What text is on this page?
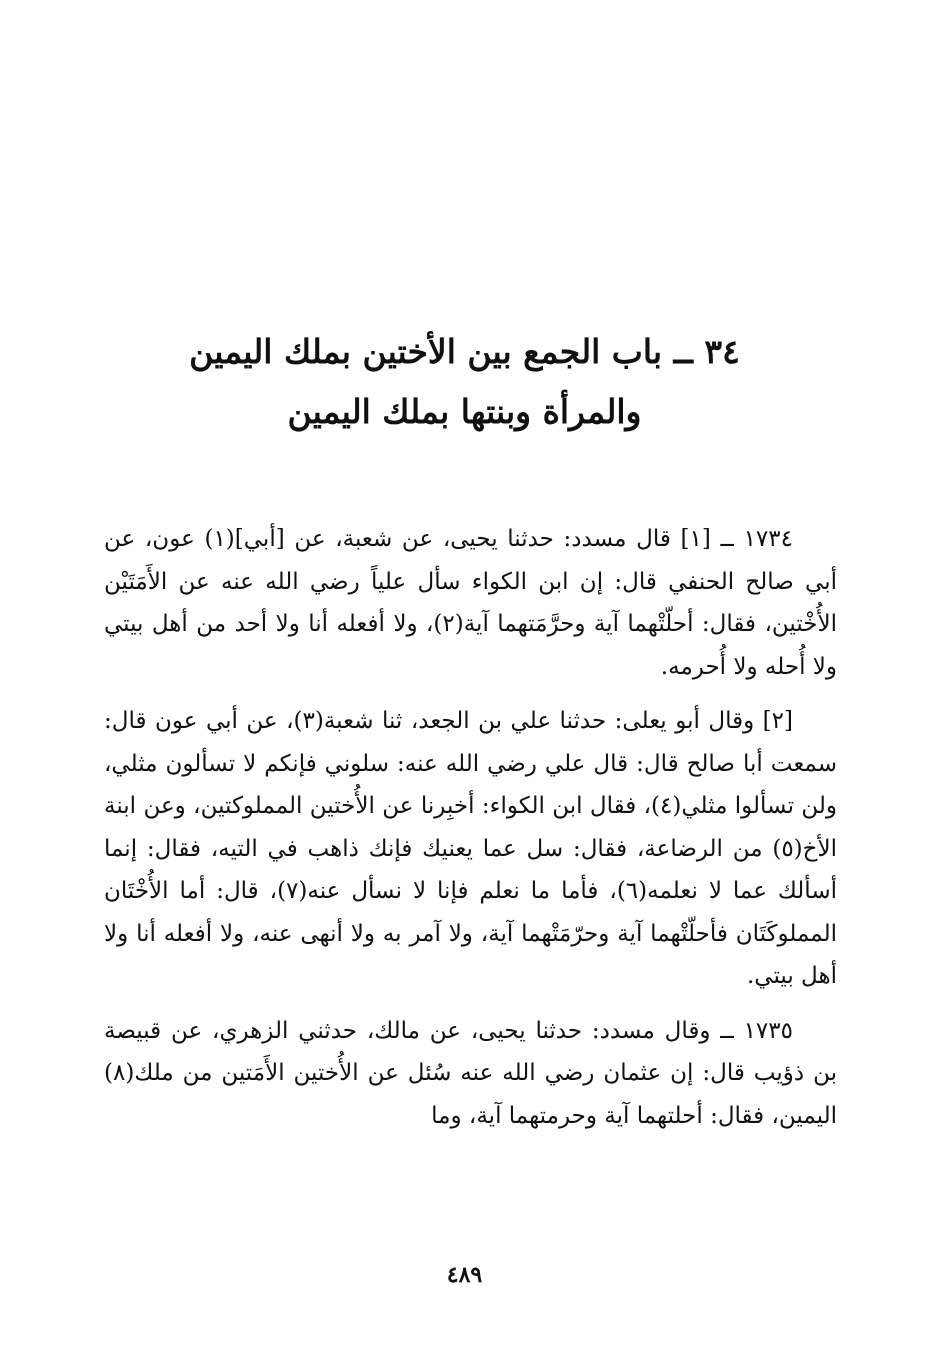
٣٤ ــ باب الجمع بين الأختين بملك اليمين
والمرأة وبنتها بملك اليمين

١٧٣٤ ــ [١] قال مسدد: حدثنا يحيى، عن شعبة، عن [أبي](١) عون، عن أبي صالح الحنفي قال: إن ابن الكواء سأل علياً رضي الله عنه عن الأَمَتَيْن الأُخْتين، فقال: أحلّتْهما آية وحرَّمَتهما آية(٢)، ولا أفعله أنا ولا أحد من أهل بيتي ولا أُحله ولا أُحرمه.

[٢] وقال أبو يعلى: حدثنا علي بن الجعد، ثنا شعبة(٣)، عن أبي عون قال: سمعت أبا صالح قال: قال علي رضي الله عنه: سلوني فإنكم لا تسألون مثلي، ولن تسألوا مثلي(٤)، فقال ابن الكواء: أخبِرنا عن الأُختين المملوكتين، وعن ابنة الأخ(٥) من الرضاعة، فقال: سل عما يعنيك فإنك ذاهب في التيه، فقال: إنما أسألك عما لا نعلمه(٦)، فأما ما نعلم فإنا لا نسأل عنه(٧)، قال: أما الأُخْتَان المملوكَتَان فأحلّتْهما آية وحرّمَتْهما آية، ولا آمر به ولا أنهى عنه، ولا أفعله أنا ولا أهل بيتي.

١٧٣٥ ــ وقال مسدد: حدثنا يحيى، عن مالك، حدثني الزهري، عن قبيصة بن ذؤيب قال: إن عثمان رضي الله عنه سُئل عن الأُختين الأَمَتين من ملك(٨) اليمين، فقال: أحلتهما آية وحرمتهما آية، وما

٤٨٩
